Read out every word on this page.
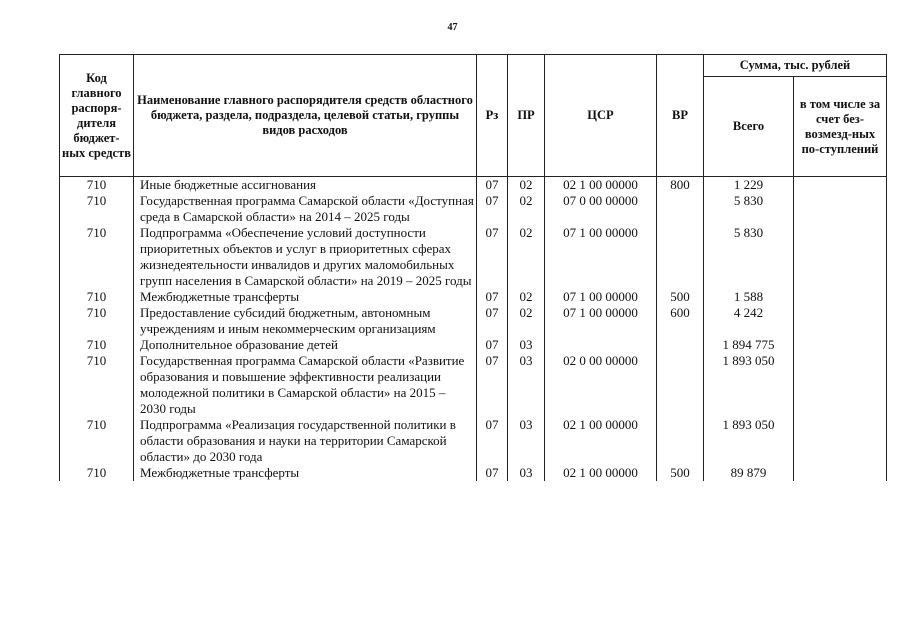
47
Код главного распоря-дителя бюджет-ных средств	Наименование главного распорядителя средств областного бюджета, раздела, подраздела, целевой статьи, группы видов расходов	Рз	ПР	ЦСР	ВР	Сумма, тыс. рублей	
						Всего	в том числе за счет без-возмезд-ных по-ступлений
710	Иные бюджетные ассигнования	07	02	02 1 00 00000	800	1 229	
710	Государственная программа Самарской области «Доступная среда в Самарской области» на 2014 – 2025 годы	07	02	07 0 00 00000		5 830	
710	Подпрограмма «Обеспечение условий доступности приоритетных объектов и услуг в приоритетных сферах жизнедеятельности инвалидов и других маломобильных групп населения в Самарской области» на 2019 – 2025 годы	07	02	07 1 00 00000		5 830	
710	Межбюджетные трансферты	07	02	07 1 00 00000	500	1 588	
710	Предоставление субсидий бюджетным, автономным учреждениям и иным некоммерческим организациям	07	02	07 1 00 00000	600	4 242	
710	Дополнительное образование детей	07	03			1 894 775	
710	Государственная программа Самарской области «Развитие образования и повышение эффективности реализации молодежной политики в Самарской области» на 2015 – 2030 годы	07	03	02 0 00 00000		1 893 050	
710	Подпрограмма «Реализация государственной политики в области образования и науки на территории Самарской области» до 2030 года	07	03	02 1 00 00000		1 893 050	
710	Межбюджетные трансферты	07	03	02 1 00 00000	500	89 879	
